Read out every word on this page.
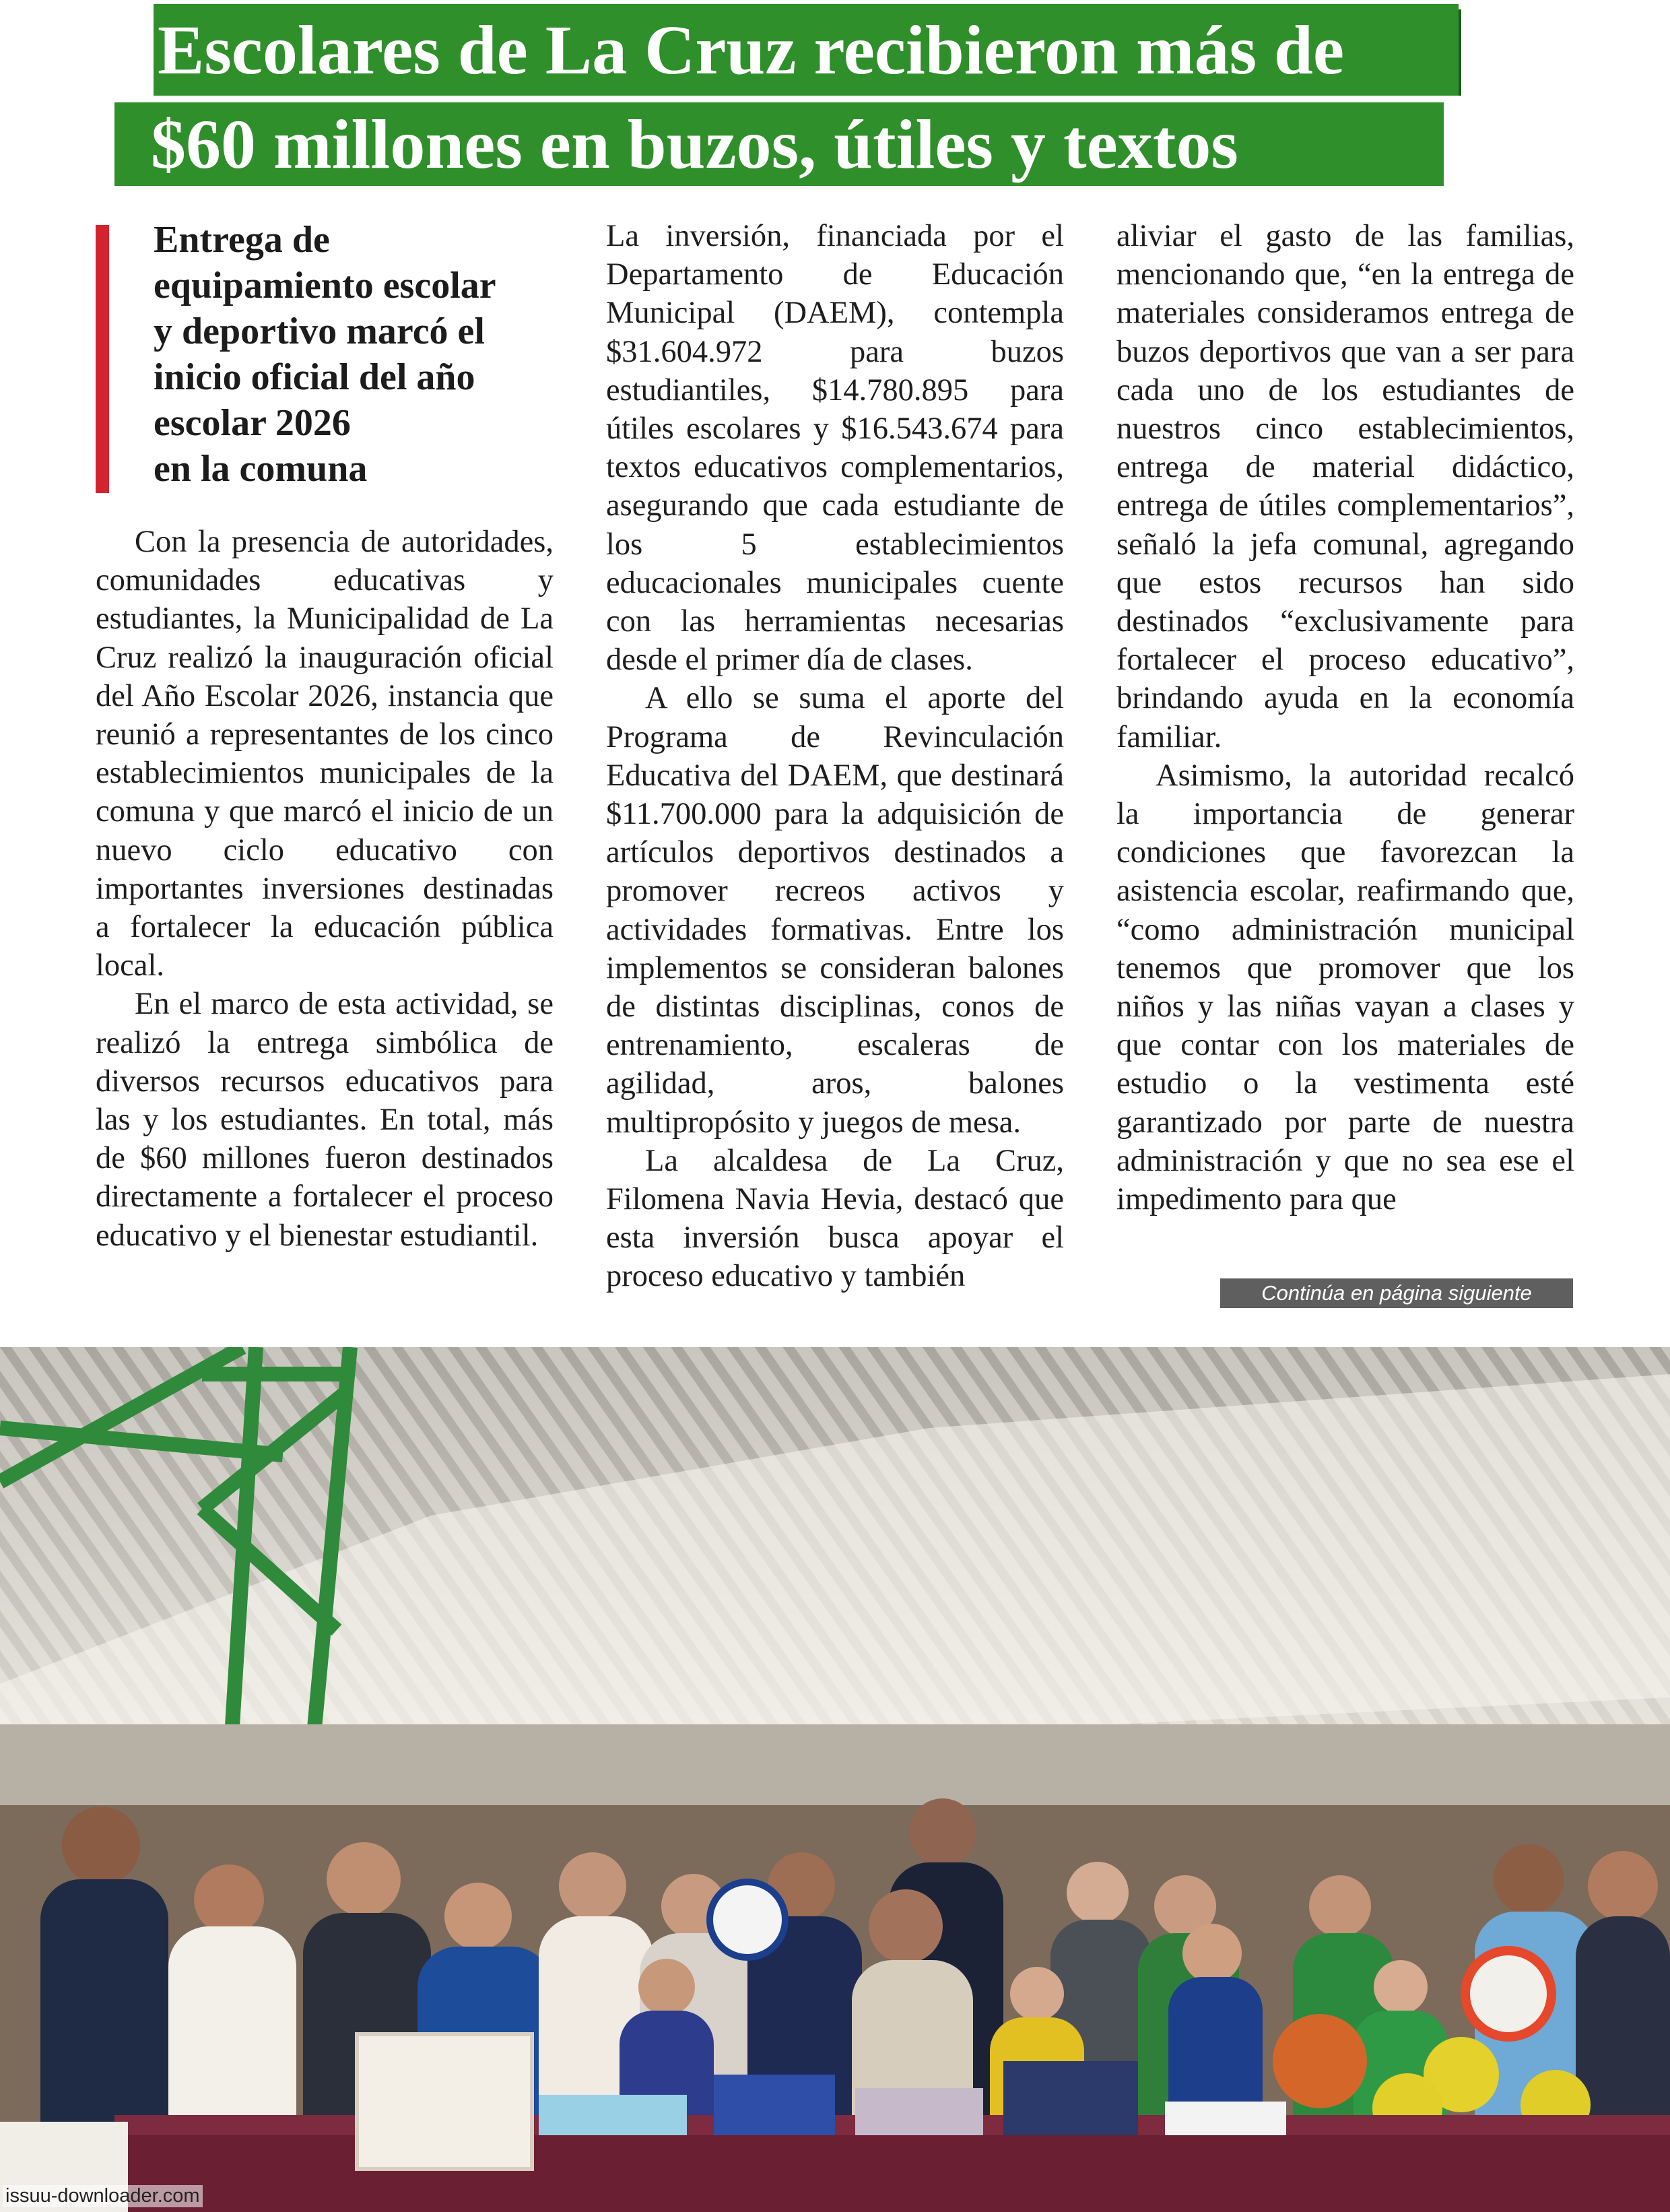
Escolares de La Cruz recibieron más de
$60 millones en buzos, útiles y textos
Entrega de
equipamiento escolar
y deportivo marcó el
inicio oficial del año
escolar 2026
en la comuna

Con la presencia de autoridades, comunidades educativas y estudiantes, la Municipalidad de La Cruz realizó la inauguración oficial del Año Escolar 2026, instancia que reunió a representantes de los cinco establecimientos municipales de la comuna y que marcó el inicio de un nuevo ciclo educativo con importantes inversiones destinadas a fortalecer la educación pública local.

En el marco de esta actividad, se realizó la entrega simbólica de diversos recursos educativos para las y los estudiantes. En total, más de $60 millones fueron destinados directamente a fortalecer el proceso educativo y el bienestar estudiantil.

La inversión, financiada por el Departamento de Educación Municipal (DAEM), contempla $31.604.972 para buzos estudiantiles, $14.780.895 para útiles escolares y $16.543.674 para textos educativos complementarios, asegurando que cada estudiante de los 5 establecimientos educacionales municipales cuente con las herramientas necesarias desde el primer día de clases.

A ello se suma el aporte del Programa de Revinculación Educativa del DAEM, que destinará $11.700.000 para la adquisición de artículos deportivos destinados a promover recreos activos y actividades formativas. Entre los implementos se consideran balones de distintas disciplinas, conos de entrenamiento, escaleras de agilidad, aros, balones multipropósito y juegos de mesa.

La alcaldesa de La Cruz, Filomena Navia Hevia, destacó que esta inversión busca apoyar el proceso educativo y también

aliviar el gasto de las familias, mencionando que, “en la entrega de materiales consideramos entrega de buzos deportivos que van a ser para cada uno de los estudiantes de nuestros cinco establecimientos, entrega de material didáctico, entrega de útiles complementarios”, señaló la jefa comunal, agregando que estos recursos han sido destinados “exclusivamente para fortalecer el proceso educativo”, brindando ayuda en la economía familiar.

Asimismo, la autoridad recalcó la importancia de generar condiciones que favorezcan la asistencia escolar, reafirmando que, “como administración municipal tenemos que promover que los niños y las niñas vayan a clases y que contar con los materiales de estudio o la vestimenta esté garantizado por parte de nuestra administración y que no sea ese el impedimento para que

Continúa en página siguiente
issuu-downloader.com
